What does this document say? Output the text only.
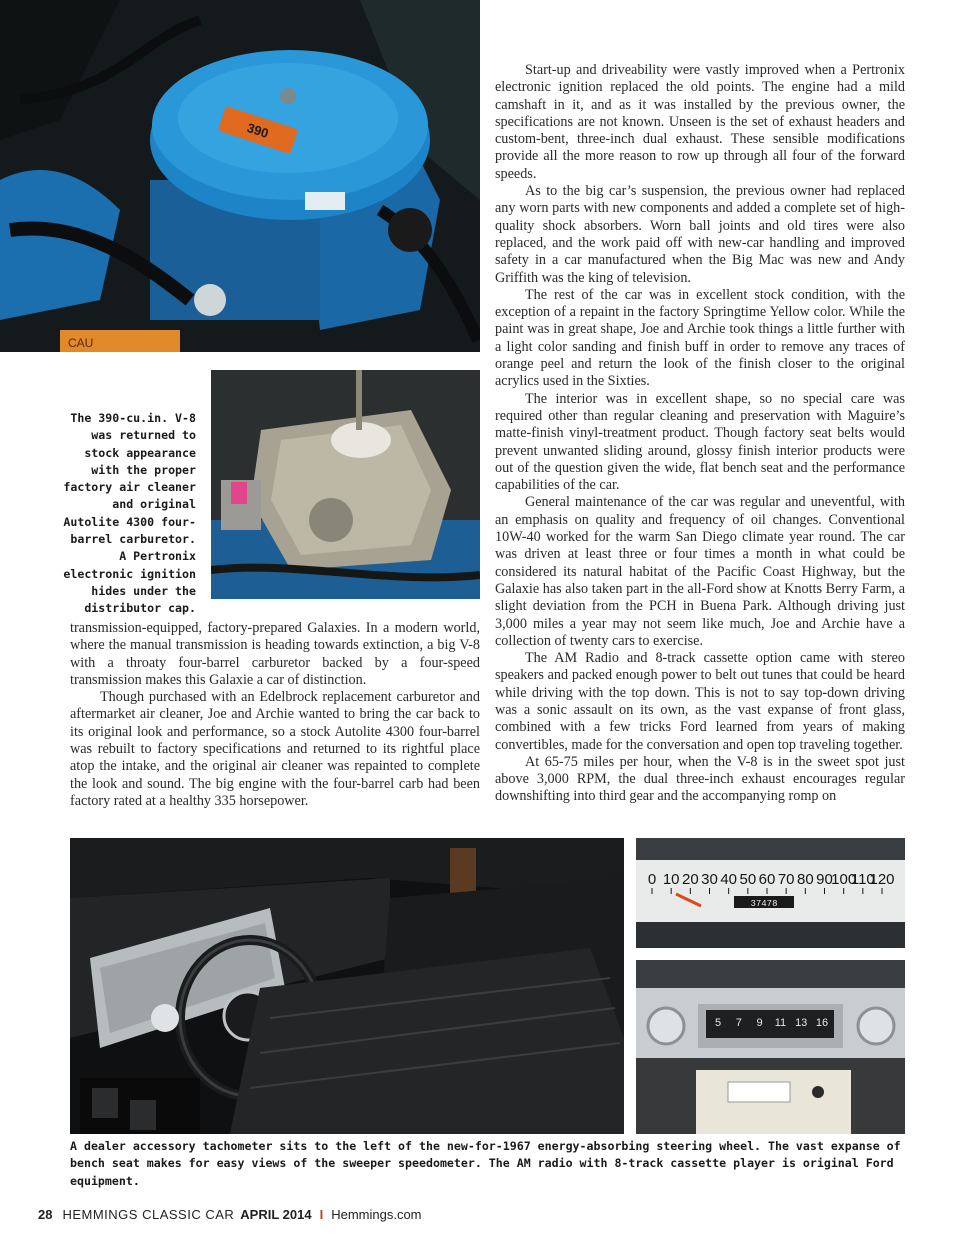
390
CAU
The 390-cu.in. V-8 was returned to stock appearance with the proper factory air cleaner and original Autolite 4300 four-barrel carburetor. A Pertronix electronic ignition hides under the distributor cap.

transmission-equipped, factory-prepared Galaxies. In a modern world, where the manual transmission is heading towards extinction, a big V-8 with a throaty four-barrel carburetor backed by a four-speed transmission makes this Galaxie a car of distinction.

Though purchased with an Edelbrock replacement carburetor and aftermarket air cleaner, Joe and Archie wanted to bring the car back to its original look and performance, so a stock Autolite 4300 four-barrel was rebuilt to factory specifications and returned to its rightful place atop the intake, and the original air cleaner was repainted to complete the look and sound. The big engine with the four-barrel carb had been factory rated at a healthy 335 horsepower.

Start-up and driveability were vastly improved when a Pertronix electronic ignition replaced the old points. The engine had a mild camshaft in it, and as it was installed by the previous owner, the specifications are not known. Unseen is the set of exhaust headers and custom-bent, three-inch dual exhaust. These sensible modifications provide all the more reason to row up through all four of the forward speeds.

As to the big car’s suspension, the previous owner had replaced any worn parts with new components and added a complete set of high-quality shock absorbers. Worn ball joints and old tires were also replaced, and the work paid off with new-car handling and improved safety in a car manufactured when the Big Mac was new and Andy Griffith was the king of television.

The rest of the car was in excellent stock condition, with the exception of a repaint in the factory Springtime Yellow color. While the paint was in great shape, Joe and Archie took things a little further with a light color sanding and finish buff in order to remove any traces of orange peel and return the look of the finish closer to the original acrylics used in the Sixties.

The interior was in excellent shape, so no special care was required other than regular cleaning and preservation with Maguire’s matte-finish vinyl-treatment product. Though factory seat belts would prevent unwanted sliding around, glossy finish interior products were out of the question given the wide, flat bench seat and the performance capabilities of the car.

General maintenance of the car was regular and uneventful, with an emphasis on quality and frequency of oil changes. Conventional 10W-40 worked for the warm San Diego climate year round. The car was driven at least three or four times a month in what could be considered its natural habitat of the Pacific Coast Highway, but the Galaxie has also taken part in the all-Ford show at Knotts Berry Farm, a slight deviation from the PCH in Buena Park. Although driving just 3,000 miles a year may not seem like much, Joe and Archie have a collection of twenty cars to exercise.

The AM Radio and 8-track cassette option came with stereo speakers and packed enough power to belt out tunes that could be heard while driving with the top down. This is not to say top-down driving was a sonic assault on its own, as the vast expanse of front glass, combined with a few tricks Ford learned from years of making convertibles, made for the conversation and open top traveling together.

At 65-75 miles per hour, when the V-8 is in the sweet spot just above 3,000 RPM, the dual three-inch exhaust encourages regular downshifting into third gear and the accompanying romp on

0 10 20 30 40 50 60 70 80 90
100
110
120
37478
5 7 9 11 13 16
A dealer accessory tachometer sits to the left of the new-for-1967 energy-absorbing steering wheel. The vast expanse of bench seat makes for easy views of the sweeper speedometer. The AM radio with 8-track cassette player is original Ford equipment.
28 HEMMINGS CLASSIC CAR APRIL 2014 I Hemmings.com
